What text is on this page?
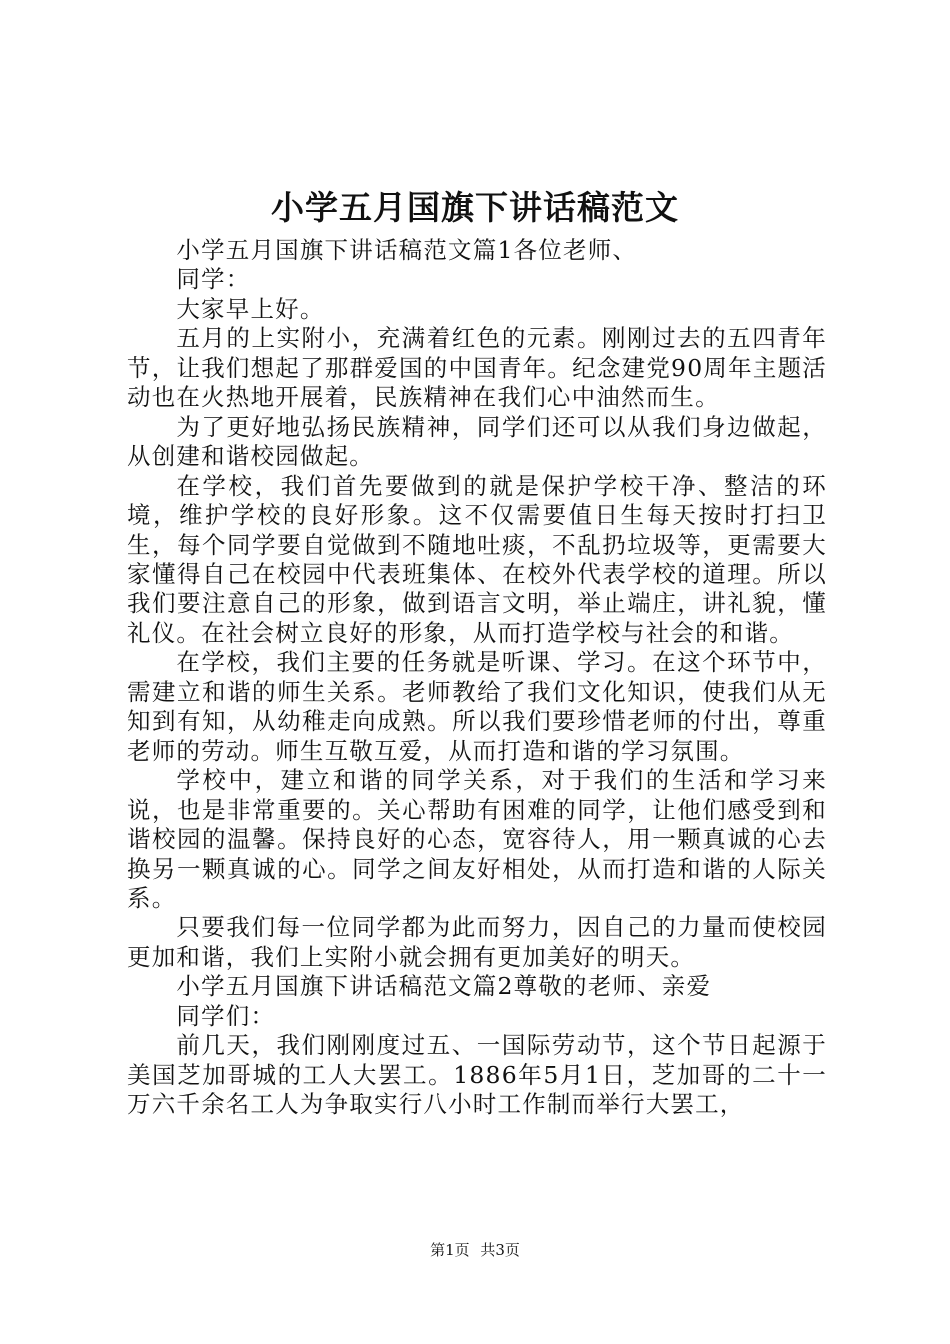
小学五月国旗下讲话稿范文

小学五月国旗下讲话稿范文篇1各位老师、

同学：

大家早上好。

五月的上实附小，充满着红色的元素。刚刚过去的五四青年节，让我们想起了那群爱国的中国青年。纪念建党90周年主题活动也在火热地开展着，民族精神在我们心中油然而生。

为了更好地弘扬民族精神，同学们还可以从我们身边做起，从创建和谐校园做起。

在学校，我们首先要做到的就是保护学校干净、整洁的环境，维护学校的良好形象。这不仅需要值日生每天按时打扫卫生，每个同学要自觉做到不随地吐痰，不乱扔垃圾等，更需要大家懂得自己在校园中代表班集体、在校外代表学校的道理。所以我们要注意自己的形象，做到语言文明，举止端庄，讲礼貌，懂礼仪。在社会树立良好的形象，从而打造学校与社会的和谐。

在学校，我们主要的任务就是听课、学习。在这个环节中，需建立和谐的师生关系。老师教给了我们文化知识，使我们从无知到有知，从幼稚走向成熟。所以我们要珍惜老师的付出，尊重老师的劳动。师生互敬互爱，从而打造和谐的学习氛围。

学校中，建立和谐的同学关系，对于我们的生活和学习来说，也是非常重要的。关心帮助有困难的同学，让他们感受到和谐校园的温馨。保持良好的心态，宽容待人，用一颗真诚的心去换另一颗真诚的心。同学之间友好相处，从而打造和谐的人际关系。

只要我们每一位同学都为此而努力，因自己的力量而使校园更加和谐，我们上实附小就会拥有更加美好的明天。

小学五月国旗下讲话稿范文篇2尊敬的老师、亲爱

同学们：

前几天，我们刚刚度过五、一国际劳动节，这个节日起源于美国芝加哥城的工人大罢工。1886年5月1日，芝加哥的二十一万六千余名工人为争取实行八小时工作制而举行大罢工，

第1页 共3页
